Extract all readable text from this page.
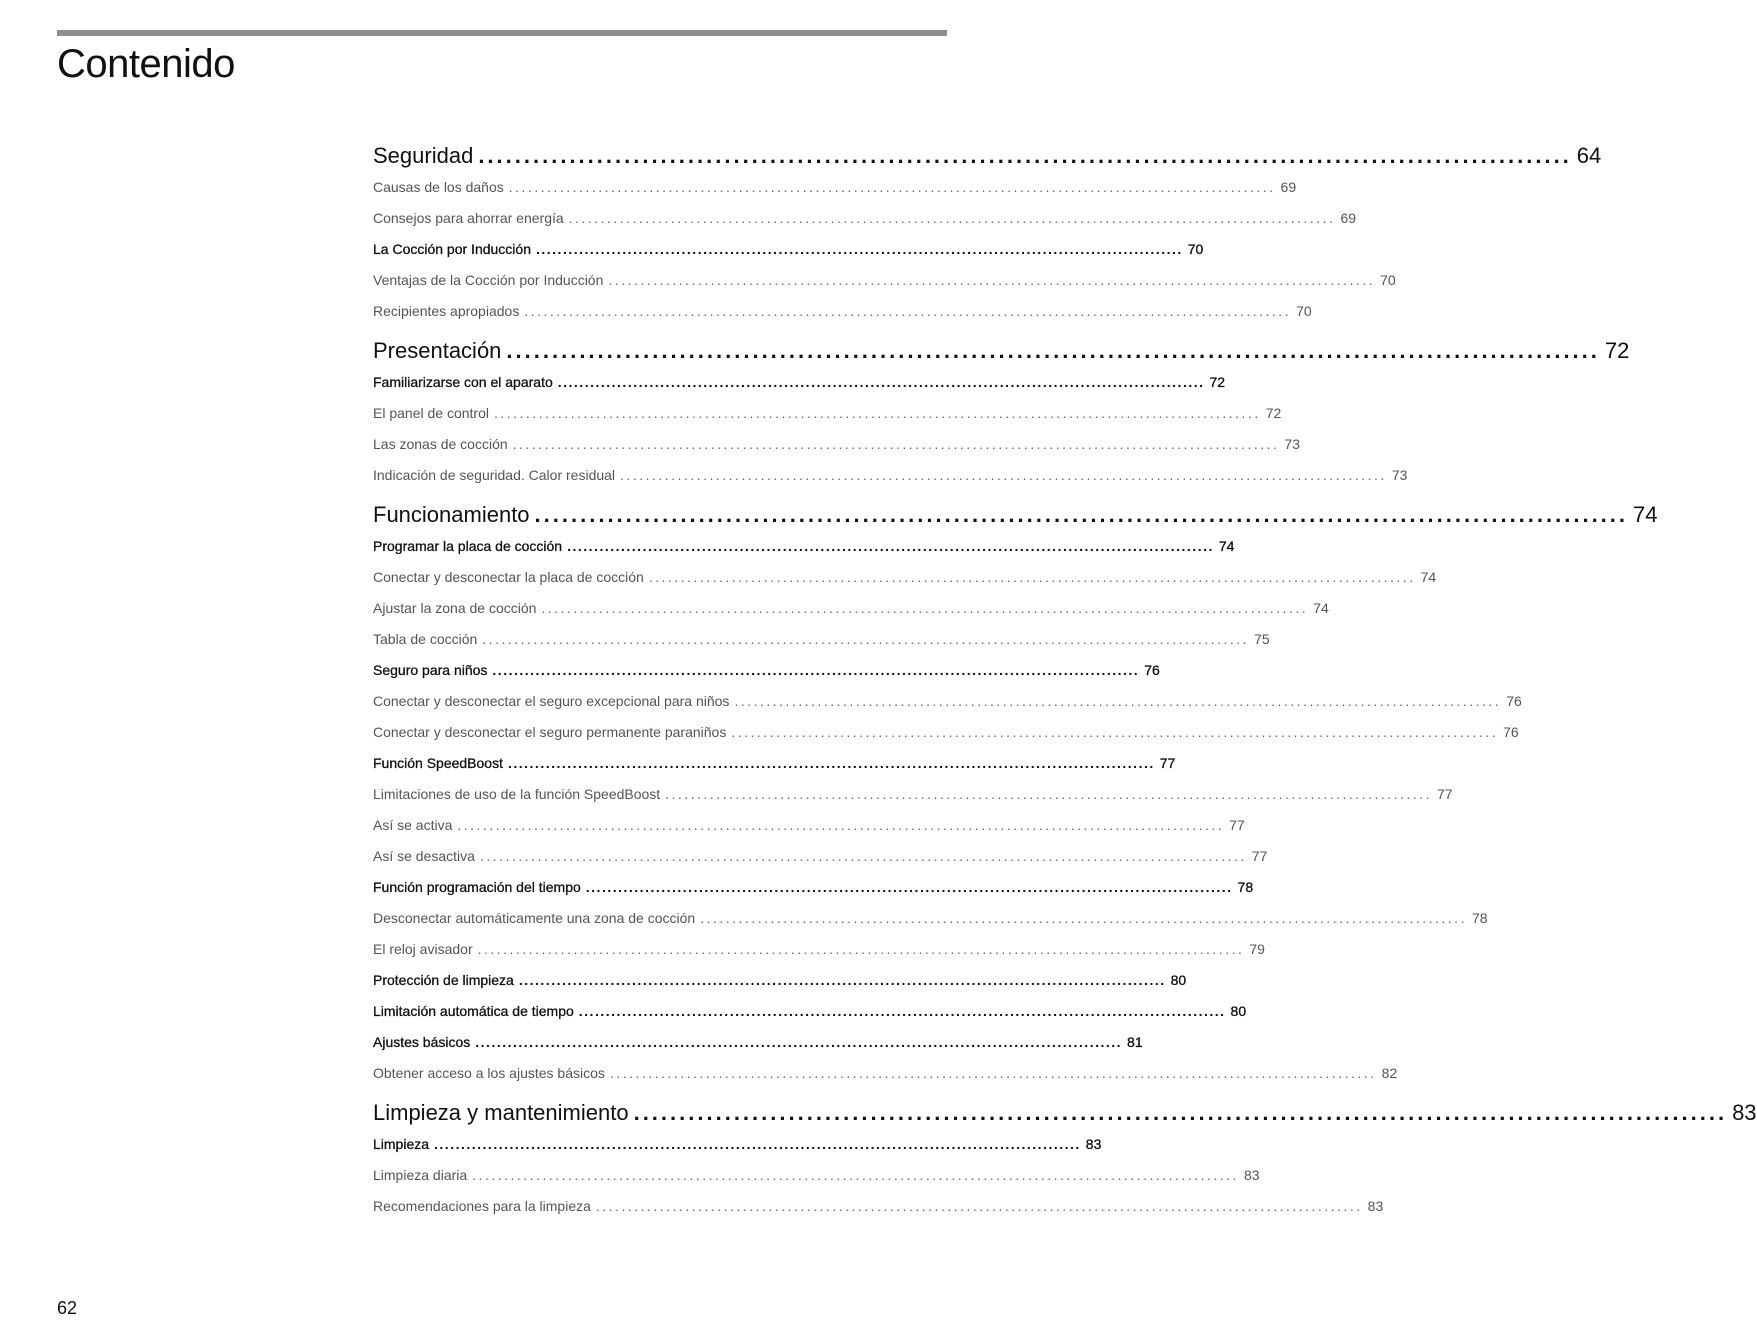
Contenido
Seguridad ........................................................................................................................ 64
Causas de los daños ........................................................................................................................ 69
Consejos para ahorrar energía ........................................................................................................................ 69
La Cocción por Inducción ........................................................................................................................ 70
Ventajas de la Cocción por Inducción ........................................................................................................................ 70
Recipientes apropiados ........................................................................................................................ 70
Presentación ........................................................................................................................ 72
Familiarizarse con el aparato ........................................................................................................................ 72
El panel de control ........................................................................................................................ 72
Las zonas de cocción ........................................................................................................................ 73
Indicación de seguridad. Calor residual ........................................................................................................................ 73
Funcionamiento ........................................................................................................................ 74
Programar la placa de cocción ........................................................................................................................ 74
Conectar y desconectar la placa de cocción ........................................................................................................................ 74
Ajustar la zona de cocción ........................................................................................................................ 74
Tabla de cocción ........................................................................................................................ 75
Seguro para niños ........................................................................................................................ 76
Conectar y desconectar el seguro excepcional para niños ........................................................................................................................ 76
Conectar y desconectar el seguro permanente paraniños ........................................................................................................................ 76
Función SpeedBoost ........................................................................................................................ 77
Limitaciones de uso de la función SpeedBoost ........................................................................................................................ 77
Así se activa ........................................................................................................................ 77
Así se desactiva ........................................................................................................................ 77
Función programación del tiempo ........................................................................................................................ 78
Desconectar automáticamente una zona de cocción ........................................................................................................................ 78
El reloj avisador ........................................................................................................................ 79
Protección de limpieza ........................................................................................................................ 80
Limitación automática de tiempo ........................................................................................................................ 80
Ajustes básicos ........................................................................................................................ 81
Obtener acceso a los ajustes básicos ........................................................................................................................ 82
Limpieza y mantenimiento ........................................................................................................................ 83
Limpieza ........................................................................................................................ 83
Limpieza diaria ........................................................................................................................ 83
Recomendaciones para la limpieza ........................................................................................................................ 83
62
